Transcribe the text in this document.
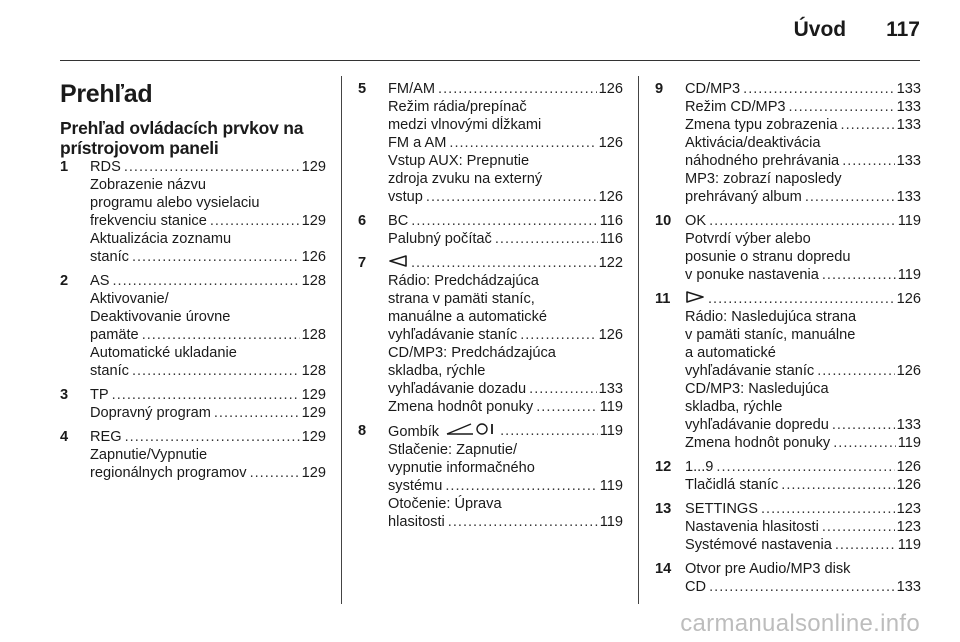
Úvod 117
Prehľad
Prehľad ovládacích prvkov na
prístrojovom paneli
1	RDS .....	129
Zobrazenie názvu
programu alebo vysielaciu
frekvenciu stanice .....	129
Aktualizácia zoznamu
staníc .....	126
2	AS .....	128
Aktivovanie/
Deaktivovanie úrovne
pamäte .....	128
Automatické ukladanie
staníc .....	128
3	TP .....	129
Dopravný program .....	129
4	REG .....	129
Zapnutie/Vypnutie
regionálnych programov .....	129
5	FM/AM .....	126
Režim rádia/prepínač
medzi vlnovými dĺžkami
FM a AM .....	126
Vstup AUX: Prepnutie
zdroja zvuku na externý
vstup .....	126
6	BC .....	116
Palubný počítač .....	116
7 .....	122
Rádio: Predchádzajúca
strana v pamäti staníc,
manuálne a automatické
vyhľadávanie staníc .....	126
CD/MP3: Predchádzajúca
skladba, rýchle
vyhľadávanie dozadu .....	133
Zmena hodnôt ponuky .....	119
8	Gombík .....	119
Stlačenie: Zapnutie/
vypnutie informačného
systému .....	119
Otočenie: Úprava
hlasitosti .....	119
9	CD/MP3 .....	133
Režim CD/MP3 .....	133
Zmena typu zobrazenia .....	133
Aktivácia/deaktivácia
náhodného prehrávania .....	133
MP3: zobrazí naposledy
prehrávaný album .....	133
10 OK .....	119
Potvrdí výber alebo
posunie o stranu dopredu
v ponuke nastavenia .....	119
11 .....	126
Rádio: Nasledujúca strana
v pamäti staníc, manuálne
a automatické
vyhľadávanie staníc .....	126
CD/MP3: Nasledujúca
skladba, rýchle
vyhľadávanie dopredu .....	133
Zmena hodnôt ponuky .....	119
12 1...9 .....	126
Tlačidlá staníc .....	126
13 SETTINGS .....	123
Nastavenia hlasitosti .....	123
Systémové nastavenia .....	119
14 Otvor pre Audio/MP3 disk
CD .....	133
carmanualsonline.info
